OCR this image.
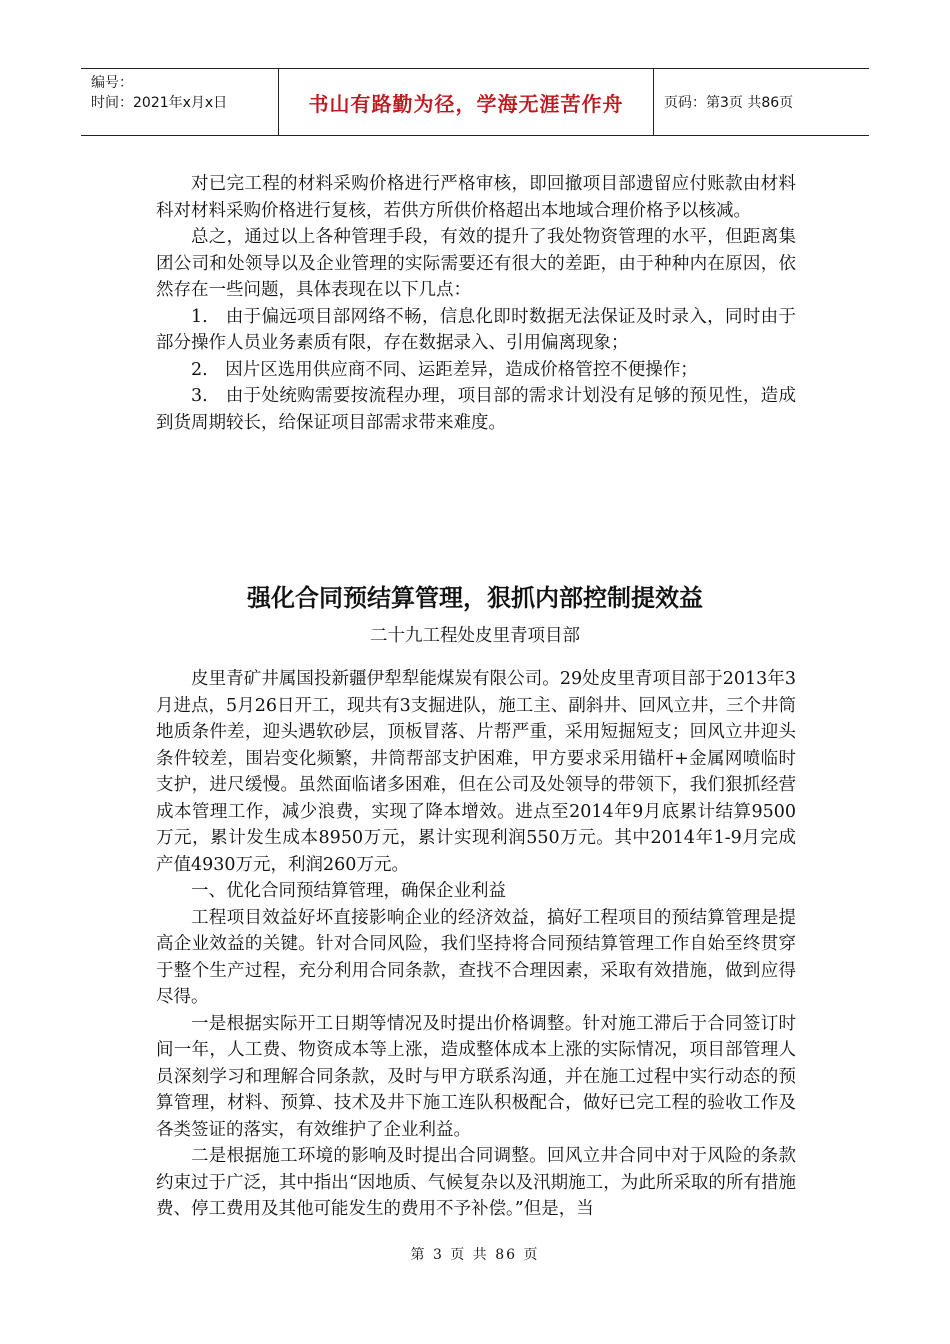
编号：
时间：2021年x月x日	书山有路勤为径，学海无涯苦作舟	页码：第3页 共86页

对已完工程的材料采购价格进行严格审核，即回撤项目部遗留应付账款由材料科对材料采购价格进行复核，若供方所供价格超出本地域合理价格予以核减。

总之，通过以上各种管理手段，有效的提升了我处物资管理的水平，但距离集团公司和处领导以及企业管理的实际需要还有很大的差距，由于种种内在原因，依然存在一些问题，具体表现在以下几点：

1.　由于偏远项目部网络不畅，信息化即时数据无法保证及时录入，同时由于部分操作人员业务素质有限，存在数据录入、引用偏离现象；

2.　因片区选用供应商不同、运距差异，造成价格管控不便操作；

3.　由于处统购需要按流程办理，项目部的需求计划没有足够的预见性，造成到货周期较长，给保证项目部需求带来难度。

强化合同预结算管理，狠抓内部控制提效益
二十九工程处皮里青项目部

皮里青矿井属国投新疆伊犁犁能煤炭有限公司。29处皮里青项目部于2013年3月进点，5月26日开工，现共有3支掘进队，施工主、副斜井、回风立井，三个井筒地质条件差，迎头遇软砂层，顶板冒落、片帮严重，采用短掘短支；回风立井迎头条件较差，围岩变化频繁，井筒帮部支护困难，甲方要求采用锚杆+金属网喷临时支护，进尺缓慢。虽然面临诸多困难，但在公司及处领导的带领下，我们狠抓经营成本管理工作，减少浪费，实现了降本增效。进点至2014年9月底累计结算9500万元，累计发生成本8950万元，累计实现利润550万元。其中2014年1-9月完成产值4930万元，利润260万元。

一、优化合同预结算管理，确保企业利益

工程项目效益好坏直接影响企业的经济效益，搞好工程项目的预结算管理是提高企业效益的关键。针对合同风险，我们坚持将合同预结算管理工作自始至终贯穿于整个生产过程，充分利用合同条款，查找不合理因素，采取有效措施，做到应得尽得。

一是根据实际开工日期等情况及时提出价格调整。针对施工滞后于合同签订时间一年，人工费、物资成本等上涨，造成整体成本上涨的实际情况，项目部管理人员深刻学习和理解合同条款，及时与甲方联系沟通，并在施工过程中实行动态的预算管理，材料、预算、技术及井下施工连队积极配合，做好已完工程的验收工作及各类签证的落实，有效维护了企业利益。

二是根据施工环境的影响及时提出合同调整。回风立井合同中对于风险的条款约束过于广泛，其中指出“因地质、气候复杂以及汛期施工，为此所采取的所有措施费、停工费用及其他可能发生的费用不予补偿。”但是，当

第 3 页 共 86 页
